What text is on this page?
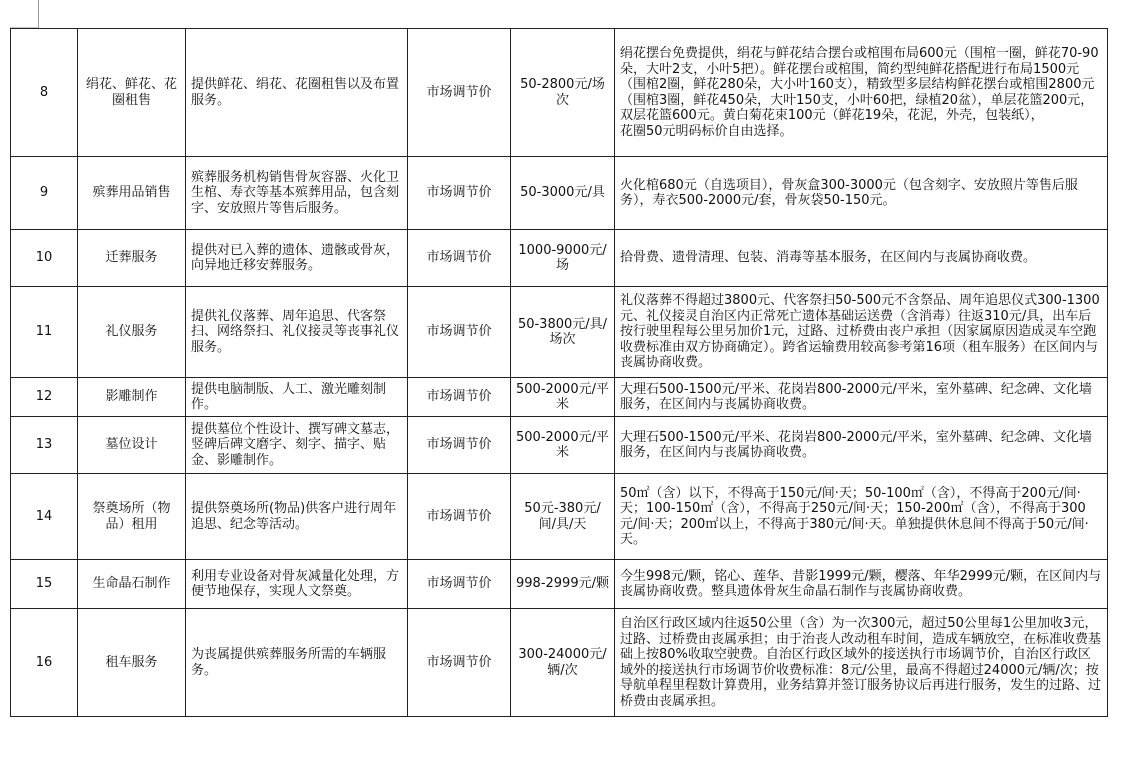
8	绢花、鲜花、花圈租售	提供鲜花、绢花、花圈租售以及布置服务。	市场调节价	50-2800元/场次	绢花摆台免费提供，绢花与鲜花结合摆台或棺围布局600元（围棺一圈，鲜花70-90朵，大叶2支，小叶5把）。鲜花摆台或棺围，简约型纯鲜花搭配进行布局1500元（围棺2圈，鲜花280朵，大小叶160支），精致型多层结构鲜花摆台或棺围2800元（围棺3圈，鲜花450朵，大叶150支，小叶60把，绿植20盆），单层花篮200元，双层花篮600元。黄白菊花束100元（鲜花19朵，花泥，外壳，包装纸），
花圈50元明码标价自由选择。

9	殡葬用品销售	殡葬服务机构销售骨灰容器、火化卫生棺、寿衣等基本殡葬用品，包含刻字、安放照片等售后服务。	市场调节价	50-3000元/具	火化棺680元（自选项目），骨灰盒300-3000元（包含刻字、安放照片等售后服务），寿衣500-2000元/套，骨灰袋50-150元。
10	迁葬服务	提供对已入葬的遗体、遗骸或骨灰，向异地迁移安葬服务。	市场调节价	1000-9000元/场	拾骨费、遗骨清理、包装、消毒等基本服务，在区间内与丧属协商收费。
11	礼仪服务	提供礼仪落葬、周年追思、代客祭扫、网络祭扫、礼仪接灵等丧事礼仪服务。	市场调节价	50-3800元/具/场次	礼仪落葬不得超过3800元、代客祭扫50-500元不含祭品、周年追思仪式300-1300元、礼仪接灵自治区内正常死亡遗体基础运送费（含消毒）往返310元/具，出车后按行驶里程每公里另加价1元，过路、过桥费由丧户承担（因家属原因造成灵车空跑收费标准由双方协商确定）。跨省运输费用较高参考第16项（租车服务）在区间内与丧属协商收费。
12	影雕制作	提供电脑制版、人工、激光雕刻制作。	市场调节价	500-2000元/平米	大理石500-1500元/平米、花岗岩800-2000元/平米，室外墓碑、纪念碑、文化墙服务，在区间内与丧属协商收费。
13	墓位设计	提供墓位个性设计、撰写碑文墓志，竖碑后碑文磨字、刻字、描字、贴金、影雕制作。	市场调节价	500-2000元/平米	大理石500-1500元/平米、花岗岩800-2000元/平米，室外墓碑、纪念碑、文化墙服务，在区间内与丧属协商收费。
14	祭奠场所（物品）租用	提供祭奠场所(物品)供客户进行周年追思、纪念等活动。	市场调节价	50元-380元/间/具/天	50㎡（含）以下，不得高于150元/间·天；50-100㎡（含），不得高于200元/间·天；100-150㎡（含），不得高于250元/间·天；150-200㎡（含），不得高于300元/间·天；200㎡以上，不得高于380元/间·天。单独提供休息间不得高于50元/间·天。
15	生命晶石制作	利用专业设备对骨灰减量化处理，方便节地保存，实现人文祭奠。	市场调节价	998-2999元/颗	今生998元/颗，铭心、莲华、昔影1999元/颗，樱落、年华2999元/颗，在区间内与丧属协商收费。整具遗体骨灰生命晶石制作与丧属协商收费。
16	租车服务	为丧属提供殡葬服务所需的车辆服务。	市场调节价	300-24000元/辆/次	自治区行政区域内往返50公里（含）为一次300元，超过50公里每1公里加收3元，过路、过桥费由丧属承担；由于治丧人改动租车时间，造成车辆放空，在标准收费基础上按80%收取空驶费。自治区行政区域外的接送执行市场调节价，自治区行政区域外的接送执行市场调节价收费标准：8元/公里，最高不得超过24000元/辆/次；按导航单程里程数计算费用，业务结算并签订服务协议后再进行服务，发生的过路、过桥费由丧属承担。
